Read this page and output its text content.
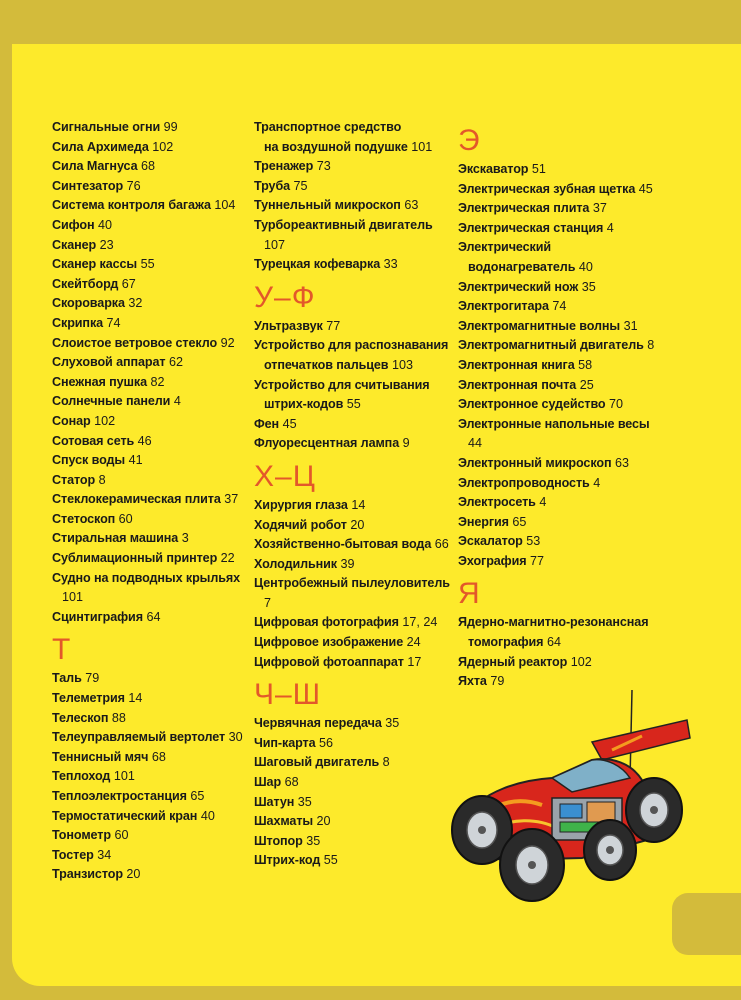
Сигнальные огни 99
Сила Архимеда 102
Сила Магнуса 68
Синтезатор 76
Система контроля багажа 104
Сифон 40
Сканер 23
Сканер кассы 55
Скейтборд 67
Скороварка 32
Скрипка 74
Слоистое ветровое стекло 92
Слуховой аппарат 62
Снежная пушка 82
Солнечные панели 4
Сонар 102
Сотовая сеть 46
Спуск воды 41
Статор 8
Стеклокерамическая плита 37
Стетоскоп 60
Стиральная машина 3
Сублимационный принтер 22
Судно на подводных крыльях
101
Сцинтиграфия 64
Т
Таль 79
Телеметрия 14
Телескоп 88
Телеуправляемый вертолет 30
Теннисный мяч 68
Теплоход 101
Теплоэлектростанция 65
Термостатический кран 40
Тонометр 60
Тостер 34
Транзистор 20
Транспортное средство
на воздушной подушке 101
Тренажер 73
Труба 75
Туннельный микроскоп 63
Турбореактивный двигатель
107
Турецкая кофеварка 33
У–Ф
Ультразвук 77
Устройство для распознавания
отпечатков пальцев 103
Устройство для считывания
штрих-кодов 55
Фен 45
Флуоресцентная лампа 9
Х–Ц
Хирургия глаза 14
Ходячий робот 20
Хозяйственно-бытовая вода 66
Холодильник 39
Центробежный пылеуловитель
7
Цифровая фотография 17, 24
Цифровое изображение 24
Цифровой фотоаппарат 17
Ч–Ш
Червячная передача 35
Чип-карта 56
Шаговый двигатель 8
Шар 68
Шатун 35
Шахматы 20
Штопор 35
Штрих-код 55
Э
Экскаватор 51
Электрическая зубная щетка 45
Электрическая плита 37
Электрическая станция 4
Электрический
водонагреватель 40
Электрический нож 35
Электрогитара 74
Электромагнитные волны 31
Электромагнитный двигатель 8
Электронная книга 58
Электронная почта 25
Электронное судейство 70
Электронные напольные весы
44
Электронный микроскоп 63
Электропроводность 4
Электросеть 4
Энергия 65
Эскалатор 53
Эхография 77
Я
Ядерно-магнитно-резонансная
томография 64
Ядерный реактор 102
Яхта 79
